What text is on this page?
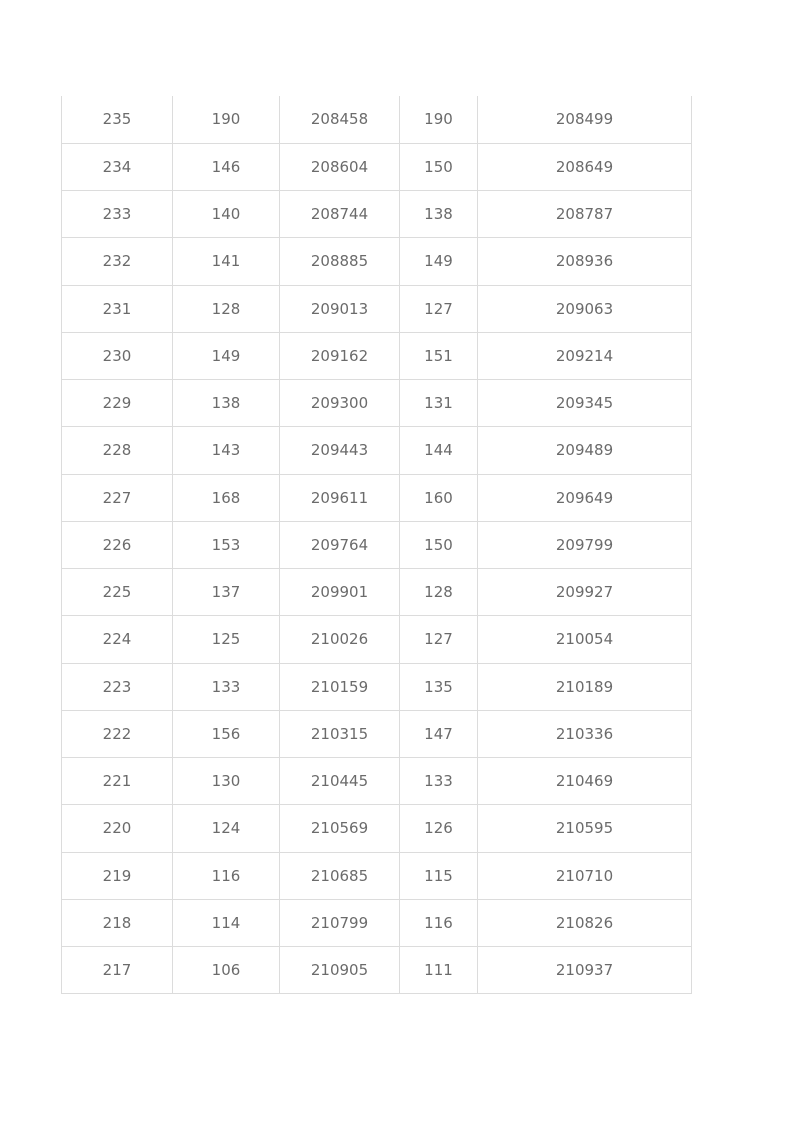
235	190	208458	190	208499
234	146	208604	150	208649
233	140	208744	138	208787
232	141	208885	149	208936
231	128	209013	127	209063
230	149	209162	151	209214
229	138	209300	131	209345
228	143	209443	144	209489
227	168	209611	160	209649
226	153	209764	150	209799
225	137	209901	128	209927
224	125	210026	127	210054
223	133	210159	135	210189
222	156	210315	147	210336
221	130	210445	133	210469
220	124	210569	126	210595
219	116	210685	115	210710
218	114	210799	116	210826
217	106	210905	111	210937
